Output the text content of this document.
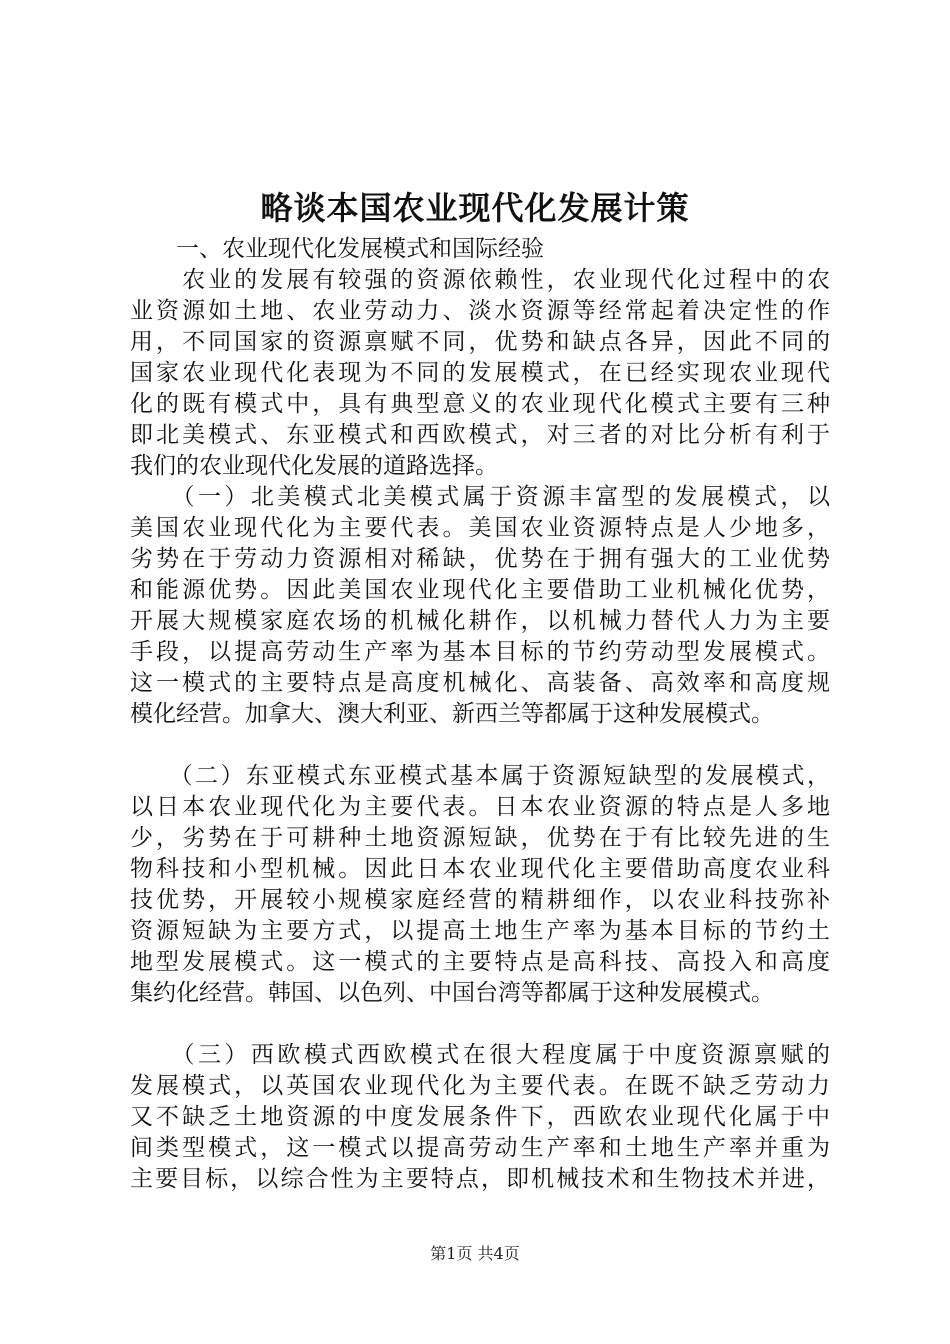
略谈本国农业现代化发展计策
　　一、农业现代化发展模式和国际经验
　　农业的发展有较强的资源依赖性，农业现代化过程中的农
业资源如土地、农业劳动力、淡水资源等经常起着决定性的作
用，不同国家的资源禀赋不同，优势和缺点各异，因此不同的
国家农业现代化表现为不同的发展模式，在已经实现农业现代
化的既有模式中，具有典型意义的农业现代化模式主要有三种
即北美模式、东亚模式和西欧模式，对三者的对比分析有利于
我们的农业现代化发展的道路选择。
　　（一）北美模式北美模式属于资源丰富型的发展模式，以
美国农业现代化为主要代表。美国农业资源特点是人少地多，
劣势在于劳动力资源相对稀缺，优势在于拥有强大的工业优势
和能源优势。因此美国农业现代化主要借助工业机械化优势，
开展大规模家庭农场的机械化耕作，以机械力替代人力为主要
手段，以提高劳动生产率为基本目标的节约劳动型发展模式。
这一模式的主要特点是高度机械化、高装备、高效率和高度规
模化经营。加拿大、澳大利亚、新西兰等都属于这种发展模式。
　　（二）东亚模式东亚模式基本属于资源短缺型的发展模式，
以日本农业现代化为主要代表。日本农业资源的特点是人多地
少，劣势在于可耕种土地资源短缺，优势在于有比较先进的生
物科技和小型机械。因此日本农业现代化主要借助高度农业科
技优势，开展较小规模家庭经营的精耕细作，以农业科技弥补
资源短缺为主要方式，以提高土地生产率为基本目标的节约土
地型发展模式。这一模式的主要特点是高科技、高投入和高度
集约化经营。韩国、以色列、中国台湾等都属于这种发展模式。
　　（三）西欧模式西欧模式在很大程度属于中度资源禀赋的
发展模式，以英国农业现代化为主要代表。在既不缺乏劳动力
又不缺乏土地资源的中度发展条件下，西欧农业现代化属于中
间类型模式，这一模式以提高劳动生产率和土地生产率并重为
主要目标，以综合性为主要特点，即机械技术和生物技术并进，
第1页 共4页
